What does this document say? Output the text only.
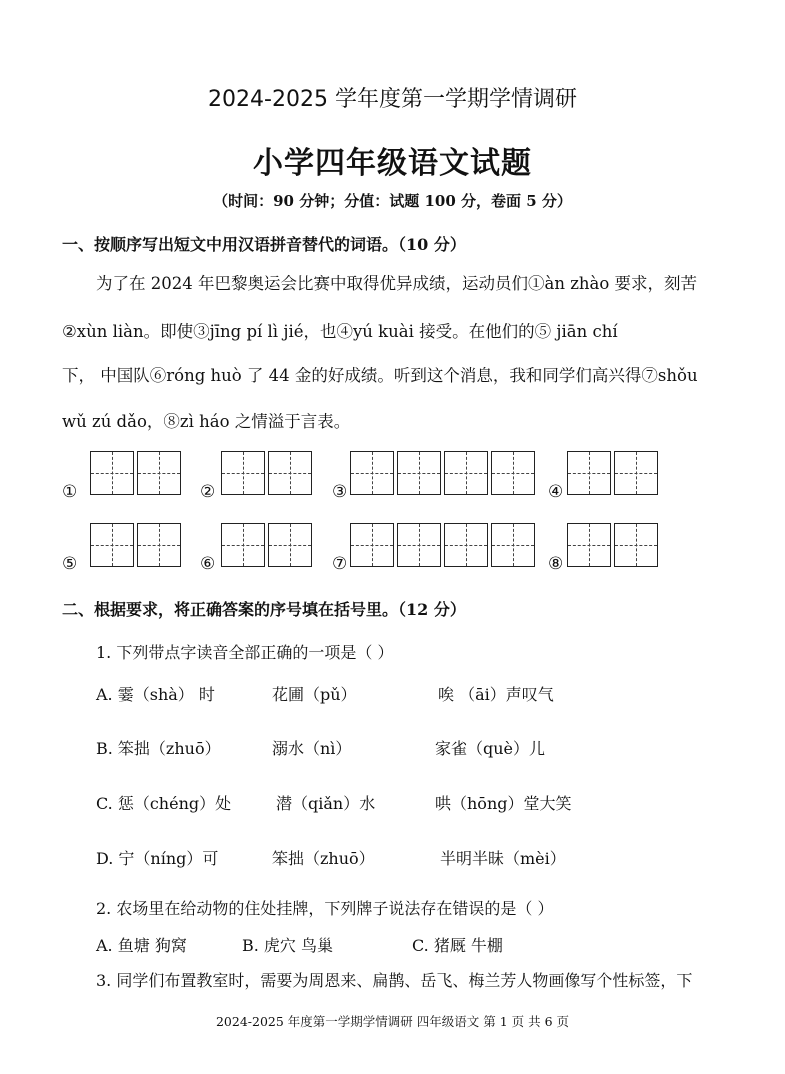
2024-2025 学年度第一学期学情调研
小学四年级语文试题
（时间：90 分钟；分值：试题 100 分，卷面 5 分）
一、按顺序写出短文中用汉语拼音替代的词语。（10 分）
为了在 2024 年巴黎奥运会比赛中取得优异成绩，运动员们①àn zhào 要求，刻苦
②xùn liàn。即使③jīng pí lì jié，也④yú kuài 接受。在他们的⑤ jiān chí
下， 中国队⑥róng huò 了 44 金的好成绩。听到这个消息，我和同学们高兴得⑦shǒu
wǔ zú dǎo，⑧zì háo 之情溢于言表。
①	②	③	④
⑤	⑥	⑦	⑧
二、根据要求，将正确答案的序号填在括号里。（12 分）
1. 下列带点字读音全部正确的一项是（ ）
A. 霎（shà） 时	花圃（pǔ）	唉 （āi）声叹气
B. 笨拙（zhuō）	溺水（nì）	家雀（què）儿
C. 惩（chéng）处	潜（qiǎn）水	哄（hōng）堂大笑
D. 宁（níng）可	笨拙（zhuō）	半明半昧（mèi）
2. 农场里在给动物的住处挂牌，下列牌子说法存在错误的是（ ）
A. 鱼塘 狗窝	B. 虎穴 鸟巢	C. 猪厩 牛棚
3. 同学们布置教室时，需要为周恩来、扁鹊、岳飞、梅兰芳人物画像写个性标签，下
2024-2025 年度第一学期学情调研 四年级语文 第 1 页 共 6 页
